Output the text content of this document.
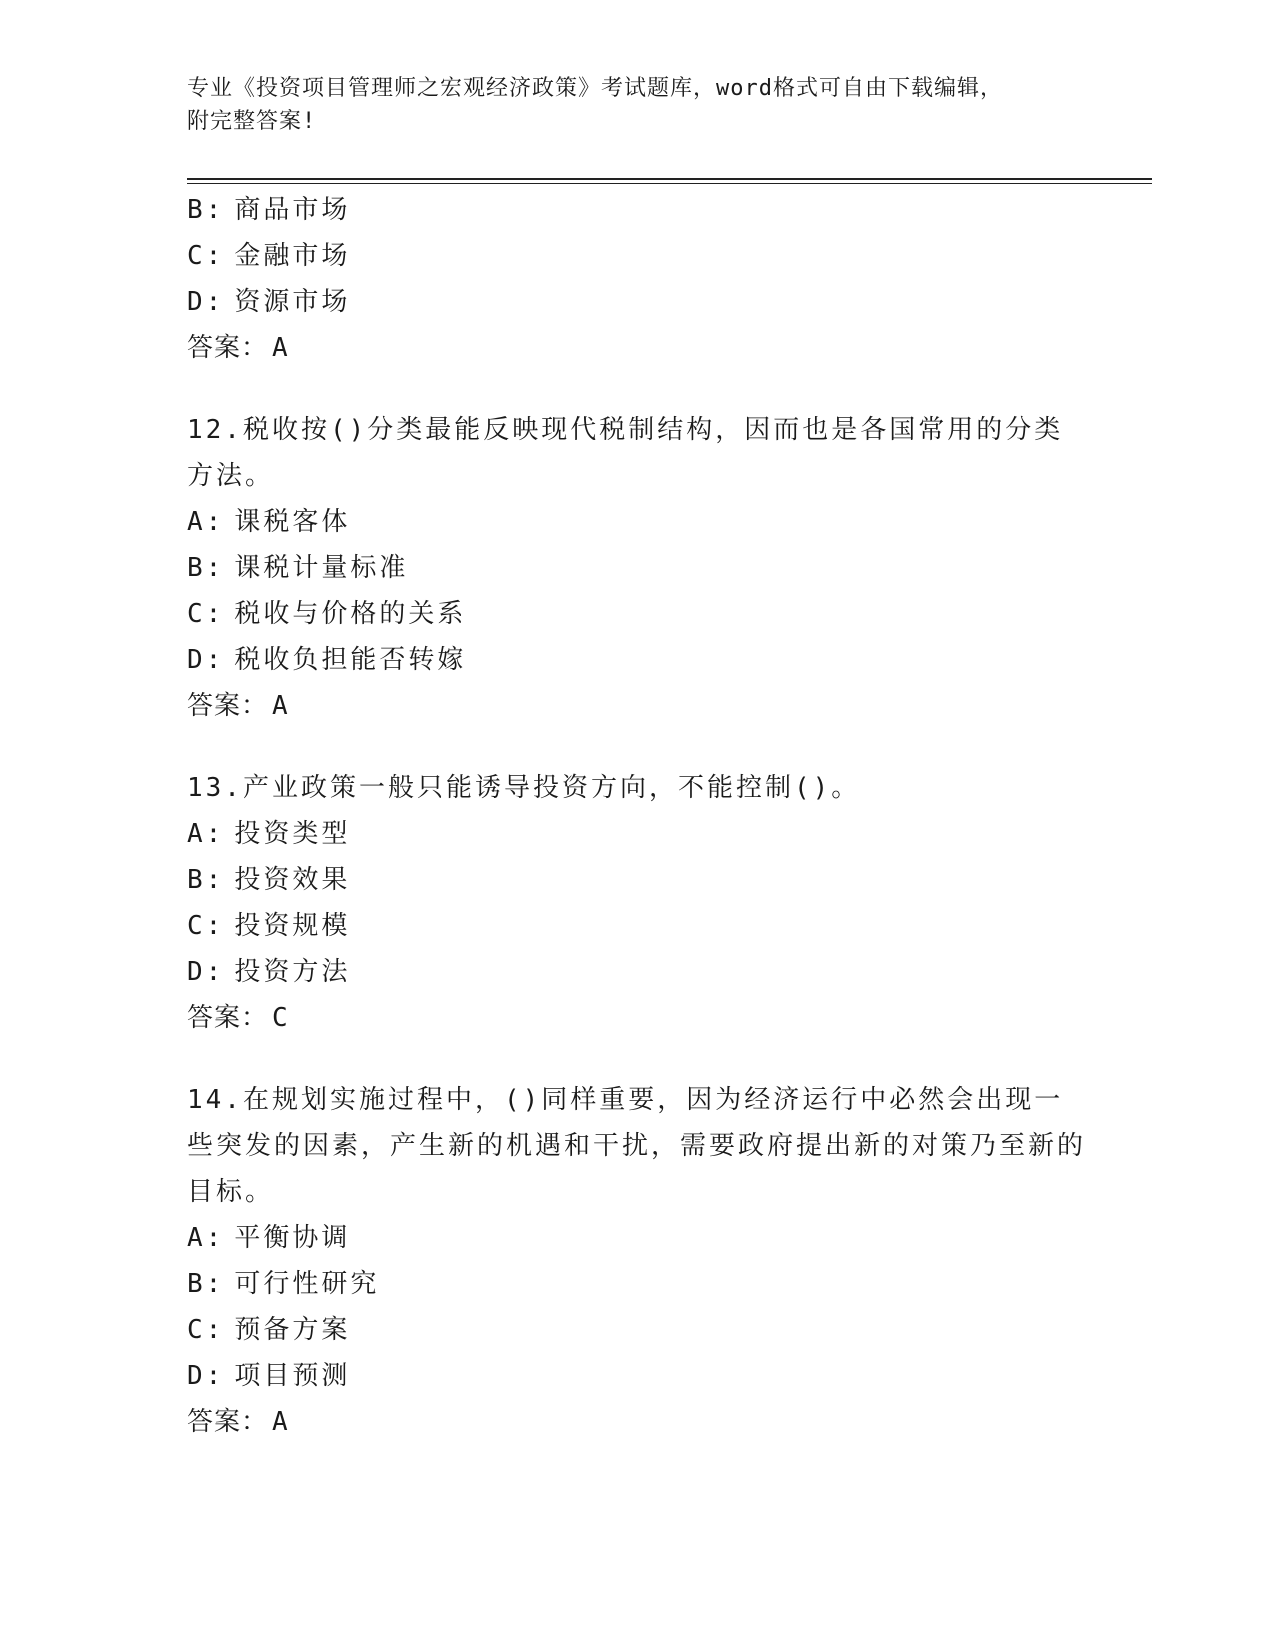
专业《投资项目管理师之宏观经济政策》考试题库，word格式可自由下载编辑，
附完整答案!
B: 商品市场
C: 金融市场
D: 资源市场
答案： A
12.税收按()分类最能反映现代税制结构，因而也是各国常用的分类方法。
A: 课税客体
B: 课税计量标准
C: 税收与价格的关系
D: 税收负担能否转嫁
答案： A
13.产业政策一般只能诱导投资方向，不能控制()。
A: 投资类型
B: 投资效果
C: 投资规模
D: 投资方法
答案： C
14.在规划实施过程中，()同样重要，因为经济运行中必然会出现一些突发的因素，产生新的机遇和干扰，需要政府提出新的对策乃至新的目标。
A: 平衡协调
B: 可行性研究
C: 预备方案
D: 项目预测
答案： A
